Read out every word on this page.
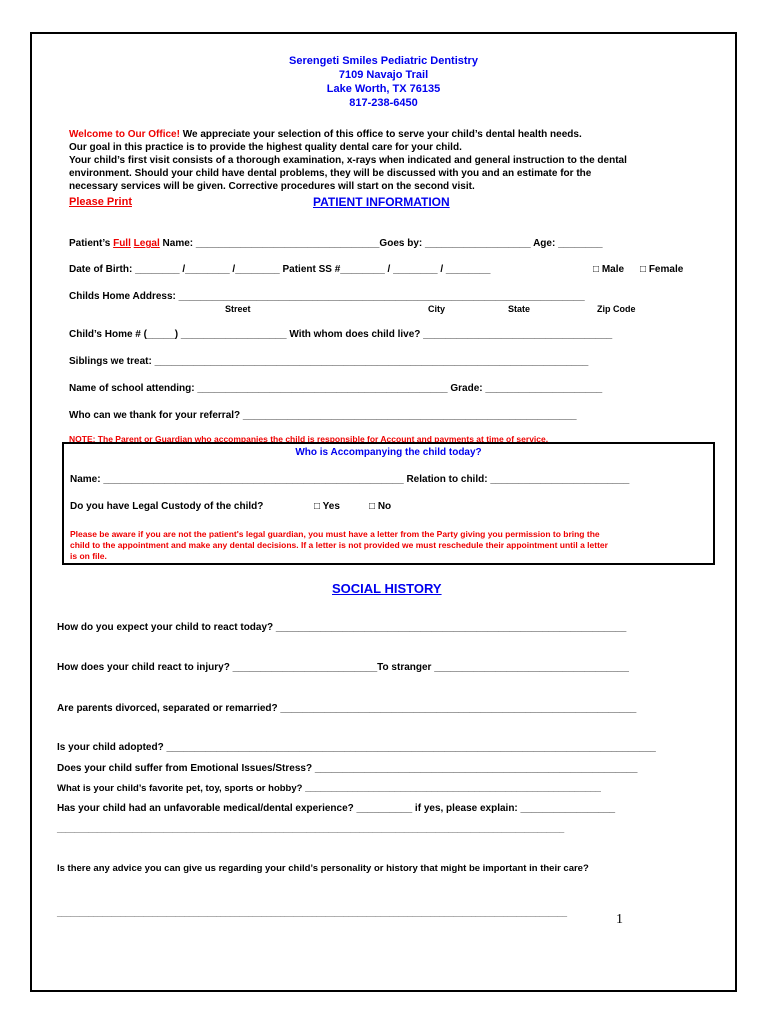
Serengeti Smiles Pediatric Dentistry
7109 Navajo Trail
Lake Worth, TX 76135
817-238-6450
Welcome to Our Office! We appreciate your selection of this office to serve your child’s dental health needs.
Our goal in this practice is to provide the highest quality dental care for your child.
Your child’s first visit consists of a thorough examination, x-rays when indicated and general instruction to the dental
environment. Should your child have dental problems, they will be discussed with you and an estimate for the
necessary services will be given. Corrective procedures will start on the second visit.
Please Print	PATIENT INFORMATION
Patient’s Full Legal Name: _________________________________Goes by: ___________________ Age: ________
Date of Birth: ________ /________ /________ Patient SS #________ / ________ / ________	□ Male □ Female
Childs Home Address: _________________________________________________________________________
Street	City	State	Zip Code
Child’s Home # (_____) ___________________ With whom does child live? __________________________________
Siblings we treat: ______________________________________________________________________________
Name of school attending: _____________________________________________ Grade: _____________________
Who can we thank for your referral? ____________________________________________________________
NOTE: The Parent or Guardian who accompanies the child is responsible for Account and payments at time of service.
Who is Accompanying the child today?
Name: ______________________________________________________ Relation to child: _________________________
Do you have Legal Custody of the child?	□ Yes	□ No
Please be aware if you are not the patient's legal guardian, you must have a letter from the Party giving you permission to bring the
child to the appointment and make any dental decisions. If a letter is not provided we must reschedule their appointment until a letter
is on file.
SOCIAL HISTORY
How do you expect your child to react today? _______________________________________________________________
How does your child react to injury? __________________________To stranger ___________________________________
Are parents divorced, separated or remarried? ________________________________________________________________
Is your child adopted? ________________________________________________________________________________________
Does your child suffer from Emotional Issues/Stress? __________________________________________________________
What is your child’s favorite pet, toy, sports or hobby? ________________________________________________________
Has your child had an unfavorable medical/dental experience? __________ if yes, please explain: _________________
__________________________________________________________________________________________________________________
Is there any advice you can give us regarding your child’s personality or history that might be important in their care?
________________________________________________________________________________________________________________	1
